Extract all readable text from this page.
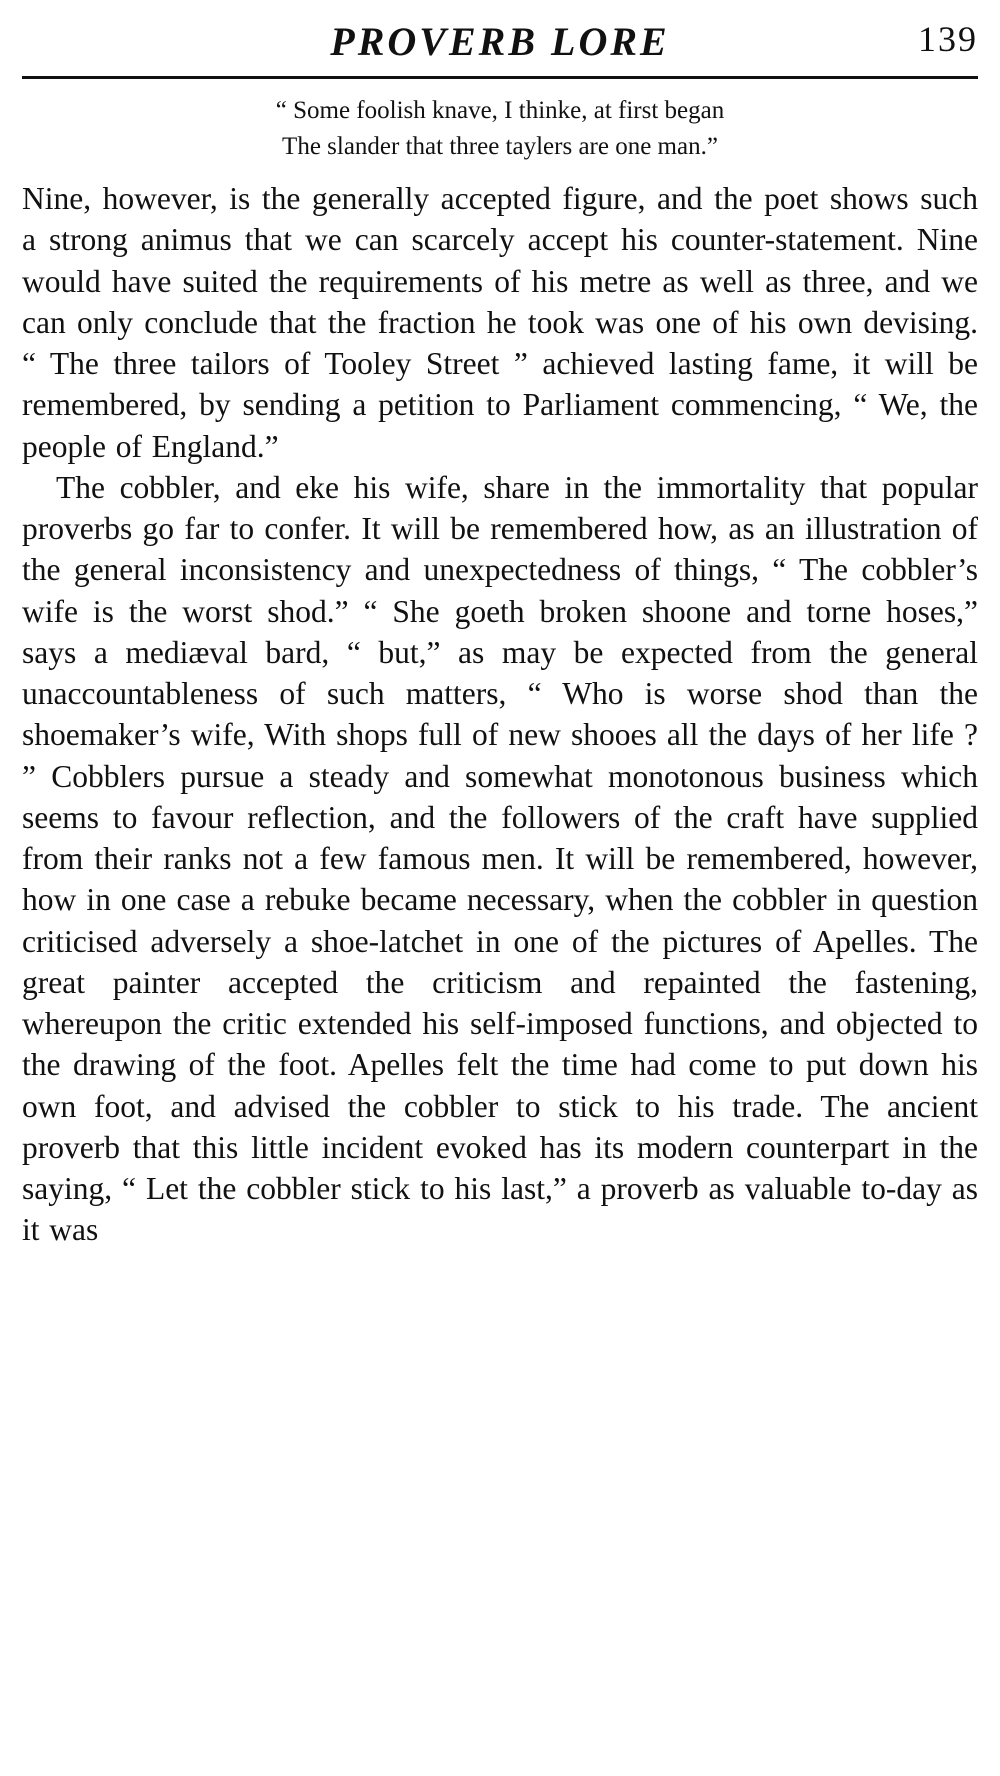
PROVERB LORE	139
“ Some foolish knave, I thinke, at first began
The slander that three taylers are one man.”

Nine, however, is the generally accepted figure, and the poet shows such a strong animus that we can scarcely accept his counter-statement. Nine would have suited the requirements of his metre as well as three, and we can only conclude that the fraction he took was one of his own devising. “ The three tailors of Tooley Street ” achieved lasting fame, it will be remembered, by sending a petition to Parliament commencing, “ We, the people of England.”

The cobbler, and eke his wife, share in the immortality that popular proverbs go far to confer. It will be remembered how, as an illustration of the general inconsistency and unexpectedness of things, “ The cobbler’s wife is the worst shod.” “ She goeth broken shoone and torne hoses,” says a mediæval bard, “ but,” as may be expected from the general unaccountableness of such matters, “ Who is worse shod than the shoemaker’s wife, With shops full of new shooes all the days of her life ? ” Cobblers pursue a steady and somewhat monotonous business which seems to favour reflection, and the followers of the craft have supplied from their ranks not a few famous men. It will be remembered, however, how in one case a rebuke became necessary, when the cobbler in question criticised adversely a shoe-latchet in one of the pictures of Apelles. The great painter accepted the criticism and repainted the fastening, whereupon the critic extended his self-imposed functions, and objected to the drawing of the foot. Apelles felt the time had come to put down his own foot, and advised the cobbler to stick to his trade. The ancient proverb that this little incident evoked has its modern counterpart in the saying, “ Let the cobbler stick to his last,” a proverb as valuable to-day as it was
